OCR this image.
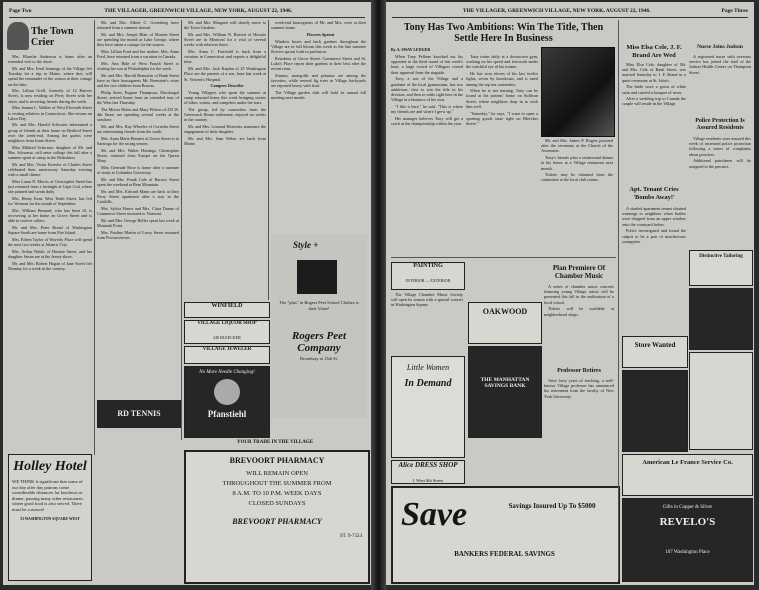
Page Two	THE VILLAGER, GREENWICH VILLAGE, NEW YORK, AUGUST 22, 1946.
The Town Crier

Mrs. Blanche Anderson is home after an extended visit to the shore.

Mr. and Mrs. Emil Jennings of the Village left Tuesday for a trip to Maine, where they will spend the remainder of the season at their cottage on the lake.

Mrs. Lillian Groll, formerly of 12 Barrow Street, is now residing on Perry Street with her sister, and is receiving friends during the week.

Miss Joanna L. Walker of West Eleventh Street is visiting relatives in Connecticut. She returns on Labor Day.

Mr. and Mrs. Harold Schwartz entertained a group of friends at their home on Bedford Street over the week-end. Among the guests were neighbors from Jones Street.

Miss Mildred Schwartz, daughter of Mr. and Mrs. Schwartz, will enter college this fall after a summer spent at camp in the Berkshires.

Mr. and Mrs. Victor Kriesler of Charles Street celebrated their anniversary Saturday evening with a small dinner.

Miss Laura N. Morris of Christopher Street has just returned from a fortnight at Cape Cod, where she painted and swam daily.

Mrs. Henry Kent, West Tenth Street, has left for Vermont for the month of September.

Mrs. William Bernard, who has been ill, is recovering at her home on Grove Street and is able to receive callers.

Mr. and Mrs. Peter Brand of Washington Square South are home from Fire Island.

Mrs. Eileen Taylor of Waverly Place will spend the next two weeks at Atlantic City.

Mrs. Arthur Walsh, of Horatio Street, and her daughter Susan are at the Jersey shore.

Mr. and Mrs. Robert Hogan of Jane Street left Monday for a week in the country.

Mr. and Mrs. Albert C. Greenberg have returned from a summer abroad.

Mr. and Mrs. Joseph Blair of Morton Street are spending the month at Lake George, where they have taken a cottage for the season.

Miss Lillian Ford and her mother, Mrs. Anna Ford, have returned from a vacation in Canada.

Mrs. Ann Hale of West Fourth Street is visiting her son in Philadelphia for the week.

Mr. and Mrs. Harold Bernstein of Bank Street have as their houseguests Mr. Bernstein's sister and her two children from Boston.

Philip Stein, Eugene Thompson, Macdougal Street, arrived home from an extended tour of the West last Thursday.

The Misses Helen and Mary Wilson of 235 W. 4th Street are spending several weeks at the seashore.

Mr. and Mrs. Ray Wheeler of Cornelia Street are entertaining friends from the south.

Mrs. Anna Marie Bennett of Grove Street is in Saratoga for the racing season.

Mr. and Mrs. Walter Hastings, Christopher Street, returned from Europe on the Queen Mary.

Miss Gertrude Rose is home after a summer of study at Columbia University.

Mr. and Mrs. Frank Cole of Barrow Street spent the weekend at Bear Mountain.

Mr. and Mrs. Edward Mann are back at their Perry Street apartment after a stay in the Catskills.

Mrs. Sylvia Harris and Mrs. Clara Dunne of Commerce Street motored to Vermont.

Mr. and Mrs. George Heller spent last week at Montauk Point.

Mrs. Pauline Martin of Leroy Street returned from Provincetown.

Mr. and Mrs. Margaret will shortly move to the Town Gardens.

Mr. and Mrs. William N. Bossert of Horatio Street are in Montreal for a visit of several weeks with relatives there.

Mrs. Anna C. Fairchild is back from a vacation in Connecticut and reports a delightful time.

Mr. and Mrs. Jack Kaplan of 25 Washington Place are the parents of a son, born last week at St. Vincent's Hospital.

Campers Describe

Young Villagers who spent the summer at camp returned home this week bringing stories of hikes, swims, and campfires under the stars.

The group, led by counselors from the Greenwich House settlement, enjoyed six weeks in the country.

Mr. and Mrs. Leonard Horowitz announce the engagement of their daughter.

Mr. and Mrs. Sam Weber are back from Maine.

week-end houseguests of Mr. and Mrs. were at their summer home.

Flowers Sprout

Window boxes and back gardens throughout the Village are in full bloom this week as the late summer flowers sprout forth in profusion.

Residents of Grove Street, Commerce Street and St. Luke's Place report their gardens at their best after the recent rains.

Zinnias, marigolds and petunias are among the favorites, while several fig trees in Village backyards are reported heavy with fruit.

The Village garden club will hold its annual fall meeting next month.

Style +
The "plus" in Rogers Peet School Clothes is their Value!
Rogers Peet Company
Broadway at 13th St.
Holley Hotel
WE THINK it significant that some of our day after day patrons come considerable distances for luncheon or dinner, passing many other restaurants where good food is also served. There must be a reason!
33 WASHINGTON SQUARE WEST
WINFIELD
VILLAGE LIQUOR SHOP
249 BLEECKER
VILLAGE JEWELER
No More Needle Changing!
Pfanstiehl
RD TENNIS
YOUR TRADE IN THE VILLAGE
BREVOORT PHARMACY
WILL REMAIN OPEN
THROUGHOUT THE SUMMER FROM
8 A.M. TO 10 P.M. WEEK DAYS
CLOSED SUNDAYS
BREVOORT PHARMACY
ST. 9-7324
THE VILLAGER, GREENWICH VILLAGE, NEW YORK, AUGUST 22, 1946.	Page Three
Tony Has Two Ambitions: Win The Title, Then Settle Here In Business
By A. SWAY LEDGER

When Tony Pellone knocked out his opponent in the third round of last week's bout, a large crowd of Villagers roared their approval from the ringside.

Tony, a son of the Village and a graduate of the local gymnasium, has two ambitions: first to win the title in his division, and then to settle right here in the Village in a business of his own.

"I like it here," he said. "This is where my friends are and where I grew up."

His manager believes Tony will get a crack at the championship within the year.

Tony trains daily at a downtown gym, working on his speed and footwork under the watchful eye of his trainer.

He has won eleven of his last twelve fights, seven by knockouts, and is rated among the top ten contenders.

When he is not training, Tony can be found at his parents' home on Sullivan Street, where neighbors drop in to wish him well.

"Someday," he says, "I want to open a sporting goods store right on Bleecker Street."

Mr. and Mrs. James P. Rogers pictured after the ceremony at the Church of the Ascension.

Tony's friends plan a testimonial dinner in his honor at a Village restaurant next month.

Tickets may be obtained from the committee at the local club rooms.

PAINTING
INTERIOR — EXTERIOR

The Village Chamber Music Society will open its season with a special concert in Washington Square.

Little Women
In Demand
OAKWOOD
THE MANHATTAN SAVINGS BANK
Plan Premiere Of Chamber Music

A series of chamber music concerts featuring young Village artists will be presented this fall in the auditorium of a local school.

Tickets will be available at neighborhood shops.

Professor Retires

After forty years of teaching, a well-known Village professor has announced his retirement from the faculty of New York University.

Alice DRESS SHOP
1 West 8th Street
Save	Savings Insured Up To $5000
BANKERS FEDERAL SAVINGS
Miss Elsa Cele, J. F. Brand Are Wed

Miss Elsa Cele, daughter of Mr. and Mrs. Cele of Bank Street, was married Saturday to J. F. Brand in a quiet ceremony at St. John's.

The bride wore a gown of white satin and carried a bouquet of roses.

After a wedding trip to Canada the couple will reside in the Village.

Nurse Joins Judson

A registered nurse with overseas service has joined the staff of the Judson Health Center on Thompson Street.

Police Protection Is Assured Residents

Village residents were assured this week of increased police protection following a series of complaints about prowlers.

Additional patrolmen will be assigned to the precinct.

Apt. Tenant Cries 'Bombs Away!'

A startled apartment tenant shouted warnings to neighbors when bottles were dropped from an upper window onto the courtyard below.

Police investigated and found the culprit to be a pair of mischievous youngsters.

Distinctive Tailoring
Store Wanted
American Le France Service Co.
Gifts in Copper & Silver
REVELO'S
107 Washington Place
